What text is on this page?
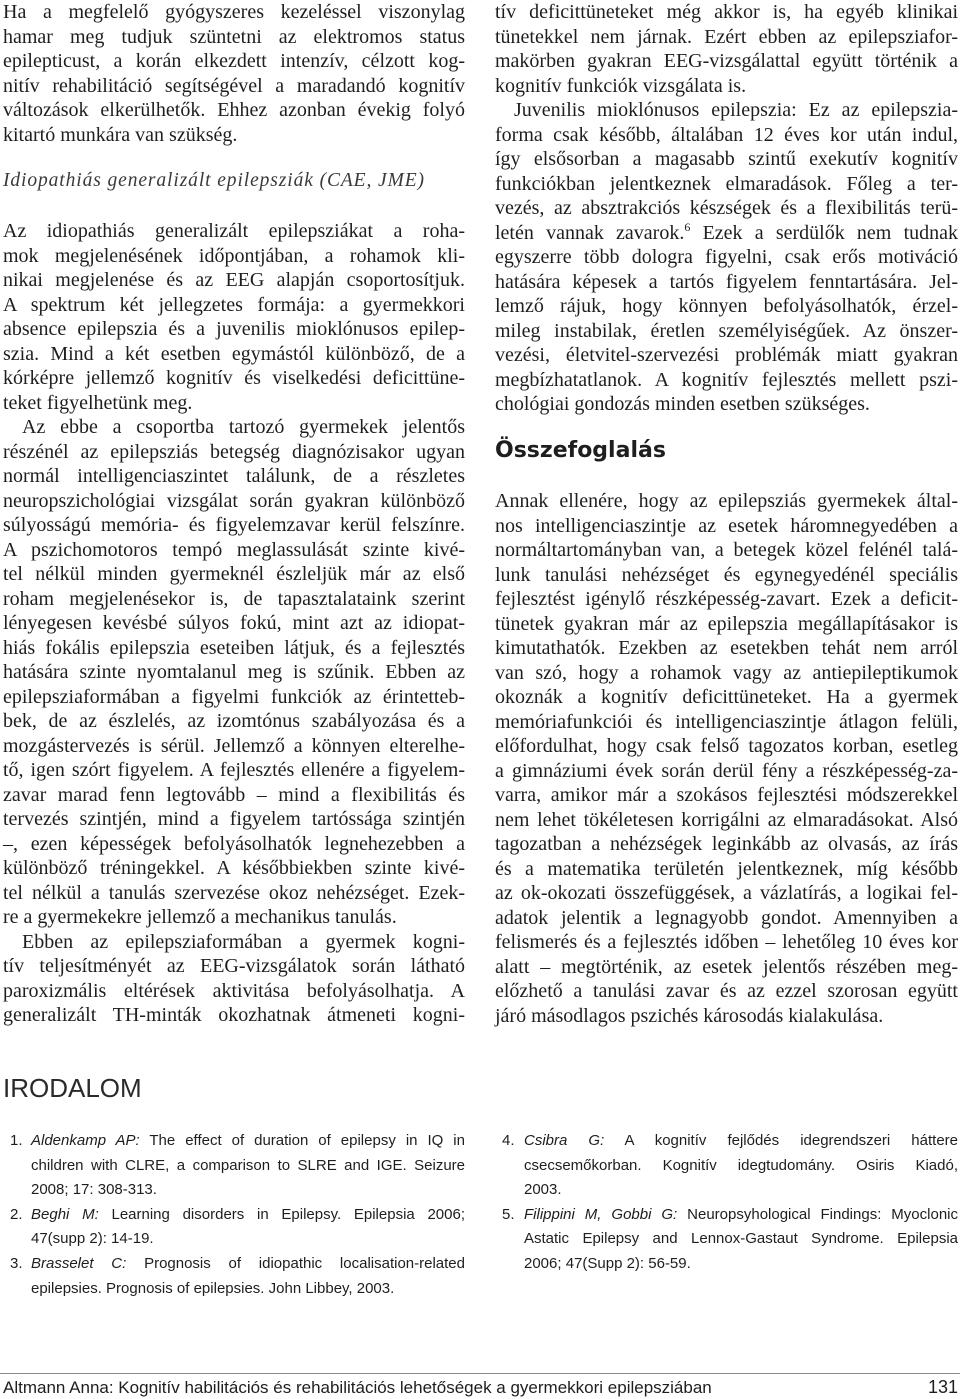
Ha a megfelelő gyógyszeres kezeléssel viszonylag
hamar meg tudjuk szüntetni az elektromos status
epilepticust, a korán elkezdett intenzív, célzott kog-
nitív rehabilitáció segítségével a maradandó kognitív
változások elkerülhetők. Ehhez azonban évekig folyó
kitartó munkára van szükség.
Idiopathiás generalizált epilepsziák (CAE, JME)
Az idiopathiás generalizált epilepsziákat a roha-
mok megjelenésének időpontjában, a rohamok kli-
nikai megjelenése és az EEG alapján csoportosítjuk.
A spektrum két jellegzetes formája: a gyermekkori
absence epilepszia és a juvenilis mioklónusos epilep-
szia. Mind a két esetben egymástól különböző, de a
kórképre jellemző kognitív és viselkedési deficittüne-
teket figyelhetünk meg.
Az ebbe a csoportba tartozó gyermekek jelentős
részénél az epilepsziás betegség diagnózisakor ugyan
normál intelligenciaszintet találunk, de a részletes
neuropszichológiai vizsgálat során gyakran különböző
súlyosságú memória- és figyelemzavar kerül felszínre.
A pszichomotoros tempó meglassulását szinte kivé-
tel nélkül minden gyermeknél észleljük már az első
roham megjelenésekor is, de tapasztalataink szerint
lényegesen kevésbé súlyos fokú, mint azt az idiopat-
hiás fokális epilepszia eseteiben látjuk, és a fejlesztés
hatására szinte nyomtalanul meg is szűnik. Ebben az
epilepsziaformában a figyelmi funkciók az érintetteb-
bek, de az észlelés, az izomtónus szabályozása és a
mozgástervezés is sérül. Jellemző a könnyen elterelhe-
tő, igen szórt figyelem. A fejlesztés ellenére a figyelem-
zavar marad fenn legtovább – mind a flexibilitás és
tervezés szintjén, mind a figyelem tartóssága szintjén
–, ezen képességek befolyásolhatók legnehezebben a
különböző tréningekkel. A későbbiekben szinte kivé-
tel nélkül a tanulás szervezése okoz nehézséget. Ezek-
re a gyermekekre jellemző a mechanikus tanulás.
Ebben az epilepsziaformában a gyermek kogni-
tív teljesítményét az EEG-vizsgálatok során látható
paroxizmális eltérések aktivitása befolyásolhatja. A
generalizált TH-minták okozhatnak átmeneti kogni-
tív deficittüneteket még akkor is, ha egyéb klinikai
tünetekkel nem járnak. Ezért ebben az epilepsziafor-
makörben gyakran EEG-vizsgálattal együtt történik a
kognitív funkciók vizsgálata is.
Juvenilis mioklónusos epilepszia: Ez az epilepszia-
forma csak később, általában 12 éves kor után indul,
így elsősorban a magasabb szintű exekutív kognitív
funkciókban jelentkeznek elmaradások. Főleg a ter-
vezés, az absztrakciós készségek és a flexibilitás terü-
letén vannak zavarok.$^6$ Ezek a serdülők nem tudnak
egyszerre több dologra figyelni, csak erős motiváció
hatására képesek a tartós figyelem fenntartására. Jel-
lemző rájuk, hogy könnyen befolyásolhatók, érzel-
mileg instabilak, éretlen személyiségűek. Az önszer-
vezési, életvitel-szervezési problémák miatt gyakran
megbízhatatlanok. A kognitív fejlesztés mellett pszi-
chológiai gondozás minden esetben szükséges.
Összefoglalás
Annak ellenére, hogy az epilepsziás gyermekek által-
nos intelligenciaszintje az esetek háromnegyedében a
normáltartományban van, a betegek közel felénél talá-
lunk tanulási nehézséget és egynegyedénél speciális
fejlesztést igénylő részképesség-zavart. Ezek a deficit-
tünetek gyakran már az epilepszia megállapításakor is
kimutathatók. Ezekben az esetekben tehát nem arról
van szó, hogy a rohamok vagy az antiepileptikumok
okoznák a kognitív deficittüneteket. Ha a gyermek
memóriafunkciói és intelligenciaszintje átlagon felüli,
előfordulhat, hogy csak felső tagozatos korban, esetleg
a gimnáziumi évek során derül fény a részképesség-za-
varra, amikor már a szokásos fejlesztési módszerekkel
nem lehet tökéletesen korrigálni az elmaradásokat. Alsó
tagozatban a nehézségek leginkább az olvasás, az írás
és a matematika területén jelentkeznek, míg később
az ok-okozati összefüggések, a vázlatírás, a logikai fel-
adatok jelentik a legnagyobb gondot. Amennyiben a
felismerés és a fejlesztés időben – lehetőleg 10 éves kor
alatt – megtörténik, az esetek jelentős részében meg-
előzhető a tanulási zavar és az ezzel szorosan együtt
járó másodlagos pszichés károsodás kialakulása.
IRODALOM
1. Aldenkamp AP: The effect of duration of epilepsy in IQ in
children with CLRE, a comparison to SLRE and IGE. Seizure
2008; 17: 308-313.
2. Beghi M: Learning disorders in Epilepsy. Epilepsia 2006;
47(supp 2): 14-19.
3. Brasselet C: Prognosis of idiopathic localisation-related
epilepsies. Prognosis of epilepsies. John Libbey, 2003.
4. Csibra G: A kognitív fejlődés idegrendszeri háttere
csecsemőkorban. Kognitív idegtudomány. Osiris Kiadó,
2003.
5. Filippini M, Gobbi G: Neuropsyhological Findings: Myoclonic
Astatic Epilepsy and Lennox-Gastaut Syndrome. Epilepsia
2006; 47(Supp 2): 56-59.
Altmann Anna: Kognitív habilitációs és rehabilitációs lehetőségek a gyermekkori epilepsziában	131
